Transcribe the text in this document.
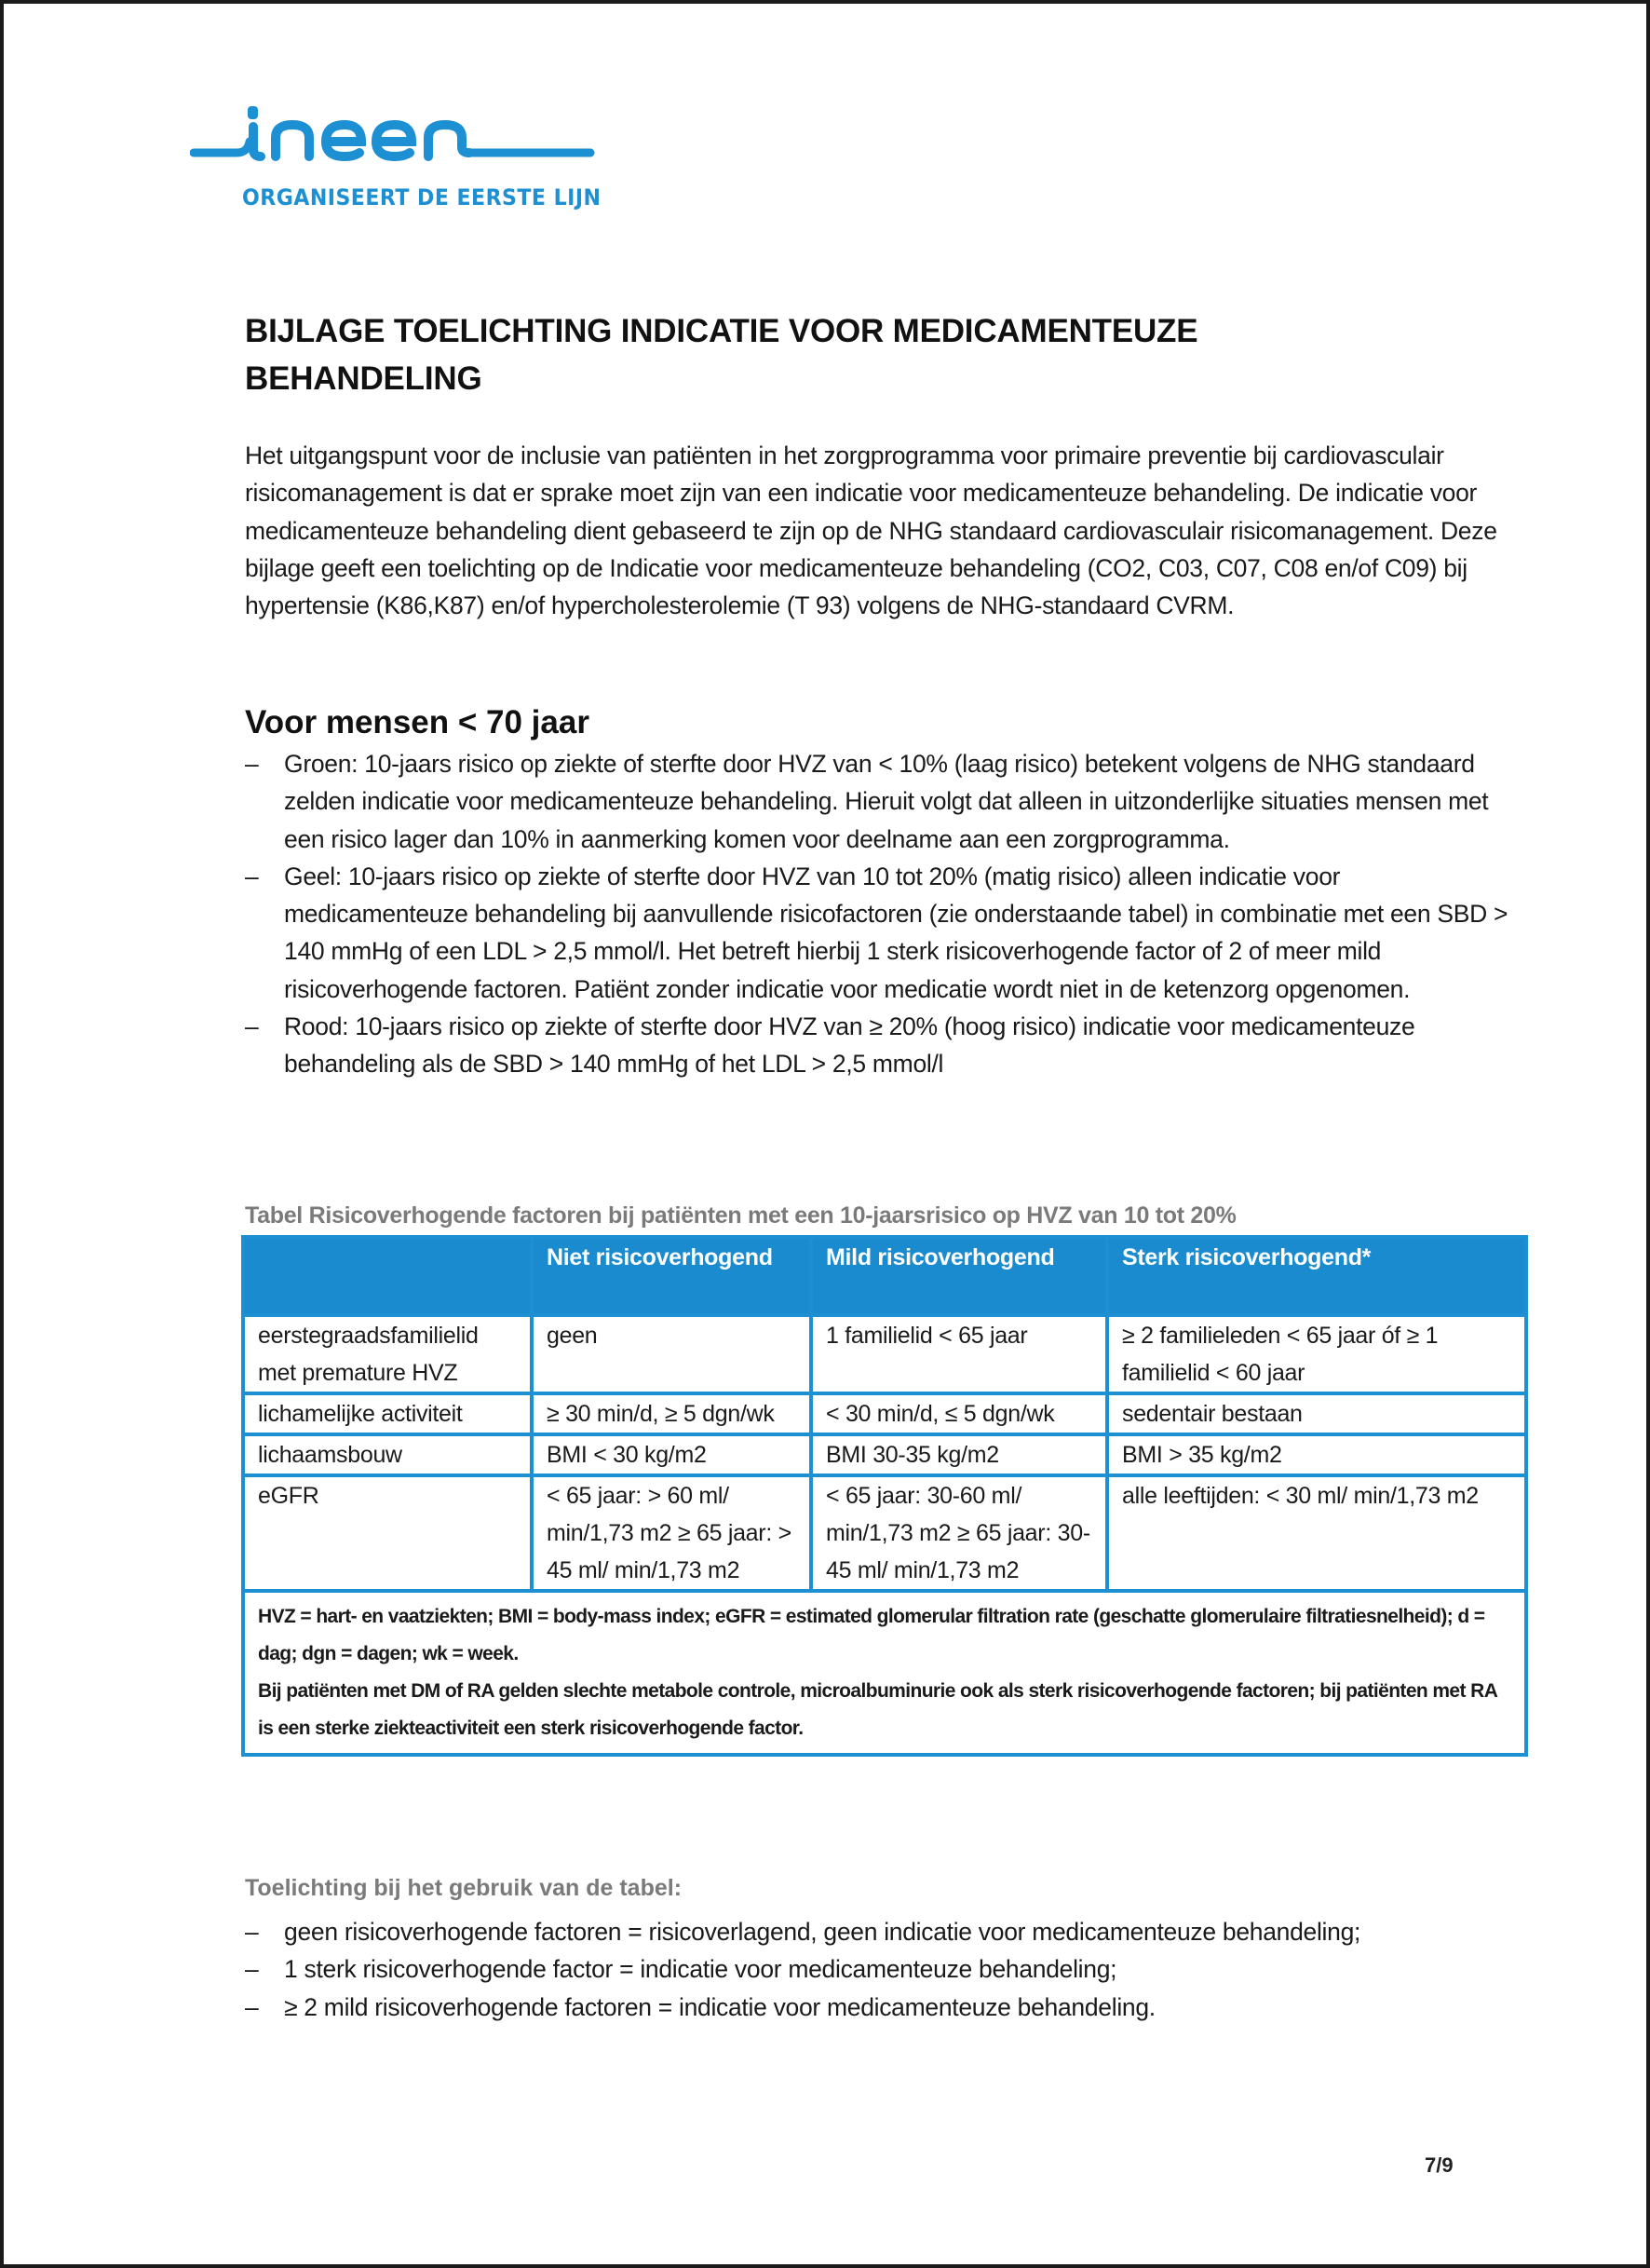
ORGANISEERT DE EERSTE LIJN
BIJLAGE TOELICHTING INDICATIE VOOR MEDICAMENTEUZE BEHANDELING

Het uitgangspunt voor de inclusie van patiënten in het zorgprogramma voor primaire preventie bij cardiovasculair risicomanagement is dat er sprake moet zijn van een indicatie voor medicamenteuze behandeling. De indicatie voor medicamenteuze behandeling dient gebaseerd te zijn op de NHG standaard cardiovasculair risicomanagement. Deze bijlage geeft een toelichting op de Indicatie voor medicamenteuze behandeling (CO2, C03, C07, C08 en/of C09) bij hypertensie (K86,K87) en/of hypercholesterolemie (T 93) volgens de NHG-standaard CVRM.

Voor mensen < 70 jaar
– Groen: 10-jaars risico op ziekte of sterfte door HVZ van < 10% (laag risico) betekent volgens de NHG standaard zelden indicatie voor medicamenteuze behandeling. Hieruit volgt dat alleen in uitzonderlijke situaties mensen met een risico lager dan 10% in aanmerking komen voor deelname aan een zorgprogramma.
– Geel: 10-jaars risico op ziekte of sterfte door HVZ van 10 tot 20% (matig risico) alleen indicatie voor medicamenteuze behandeling bij aanvullende risicofactoren (zie onderstaande tabel) in combinatie met een SBD > 140 mmHg of een LDL > 2,5 mmol/l. Het betreft hierbij 1 sterk risicoverhogende factor of 2 of meer mild risicoverhogende factoren. Patiënt zonder indicatie voor medicatie wordt niet in de ketenzorg opgenomen.
– Rood: 10-jaars risico op ziekte of sterfte door HVZ van ≥ 20% (hoog risico) indicatie voor medicamenteuze behandeling als de SBD > 140 mmHg of het LDL > 2,5 mmol/l
Tabel Risicoverhogende factoren bij patiënten met een 10-jaarsrisico op HVZ van 10 tot 20%
	Niet risicoverhogend	Mild risicoverhogend	Sterk risicoverhogend*
eerstegraadsfamilielid met premature HVZ	geen	1 familielid < 65 jaar	≥ 2 familieleden < 65 jaar óf ≥ 1 familielid < 60 jaar
lichamelijke activiteit	≥ 30 min/d, ≥ 5 dgn/wk	< 30 min/d, ≤ 5 dgn/wk	sedentair bestaan
lichaamsbouw	BMI < 30 kg/m2	BMI 30-35 kg/m2	BMI > 35 kg/m2
eGFR	< 65 jaar: > 60 ml/ min/1,73 m2 ≥ 65 jaar: > 45 ml/ min/1,73 m2	< 65 jaar: 30-60 ml/ min/1,73 m2 ≥ 65 jaar: 30-45 ml/ min/1,73 m2	alle leeftijden: < 30 ml/ min/1,73 m2

HVZ = hart- en vaatziekten; BMI = body-mass index; eGFR = estimated glomerular filtration rate (geschatte glomerulaire filtratiesnelheid); d = dag; dgn = dagen; wk = week.
Bij patiënten met DM of RA gelden slechte metabole controle, microalbuminurie ook als sterk risicoverhogende factoren; bij patiënten met RA is een sterke ziekteactiviteit een sterk risicoverhogende factor.			
Toelichting bij het gebruik van de tabel:
– geen risicoverhogende factoren = risicoverlagend, geen indicatie voor medicamenteuze behandeling;
– 1 sterk risicoverhogende factor = indicatie voor medicamenteuze behandeling;
– ≥ 2 mild risicoverhogende factoren = indicatie voor medicamenteuze behandeling.
7/9
